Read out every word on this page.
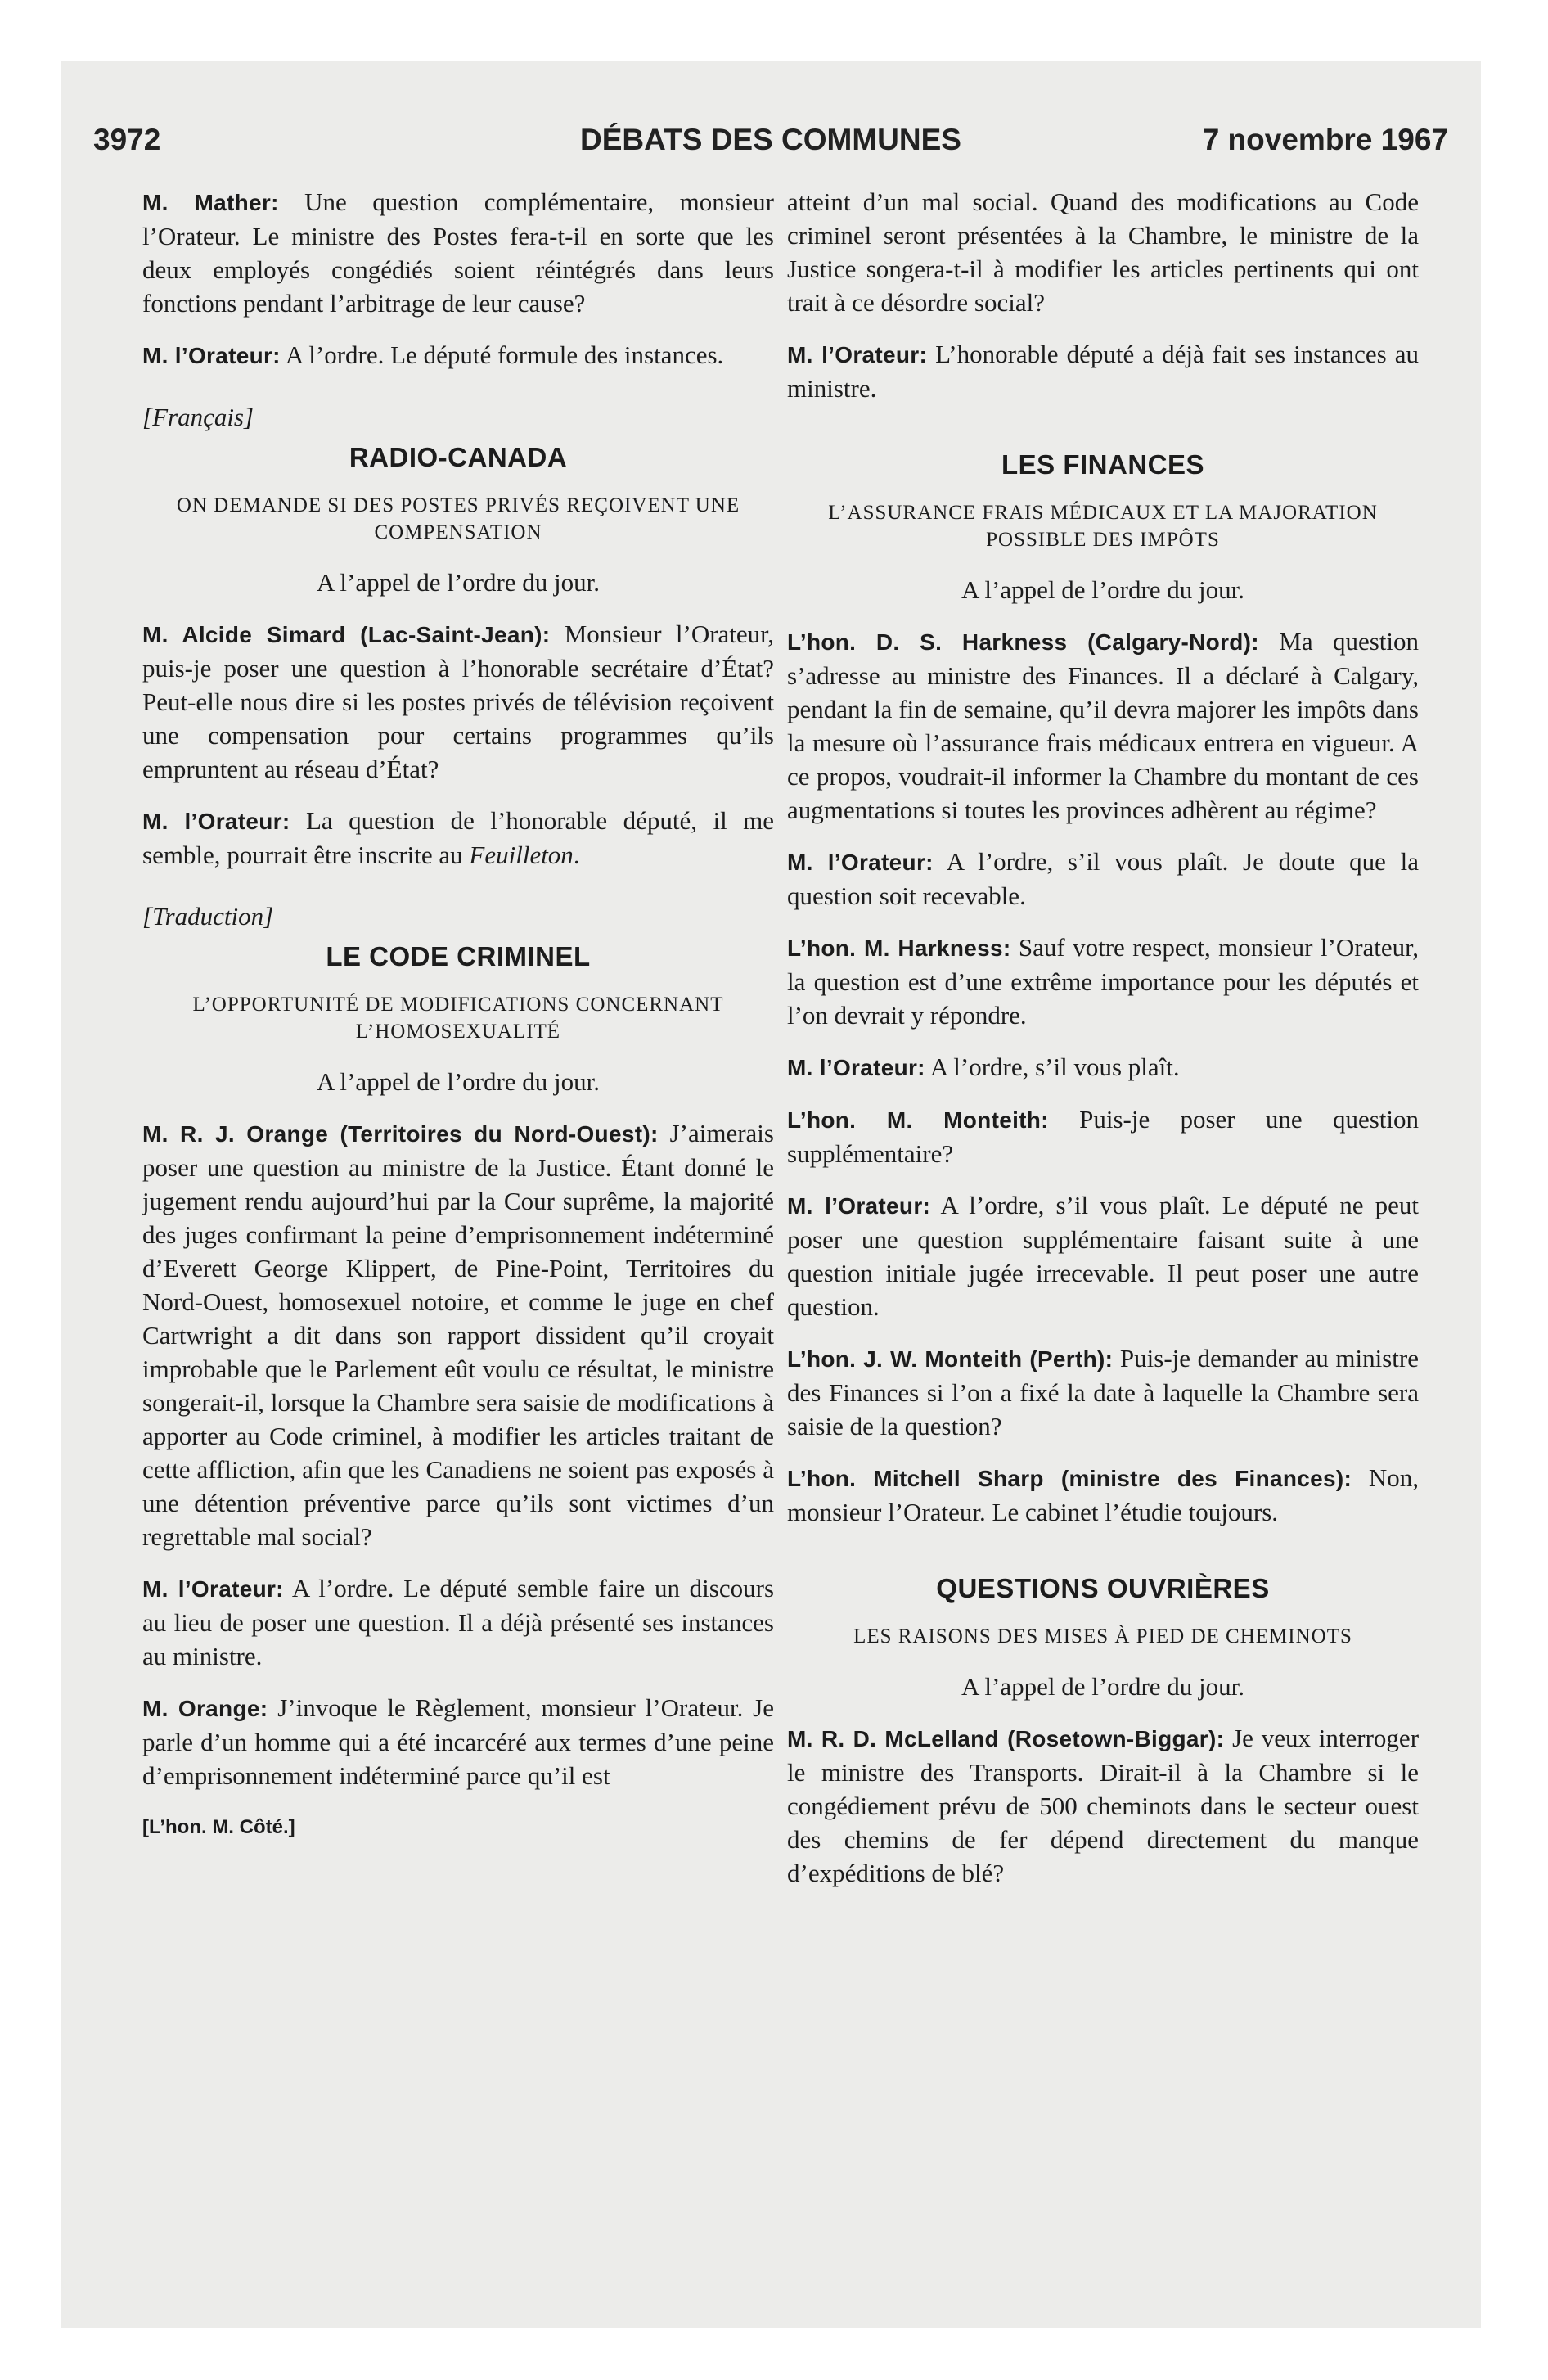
3972	DÉBATS DES COMMUNES	7 novembre 1967

M. Mather: Une question complémentaire, monsieur l’Orateur. Le ministre des Postes fera-t-il en sorte que les deux employés congédiés soient réintégrés dans leurs fonctions pendant l’arbitrage de leur cause?

M. l’Orateur: A l’ordre. Le député formule des instances.

[Français]
RADIO-CANADA
ON DEMANDE SI DES POSTES PRIVÉS REÇOIVENT UNE COMPENSATION

A l’appel de l’ordre du jour.

M. Alcide Simard (Lac-Saint-Jean): Monsieur l’Orateur, puis-je poser une question à l’honorable secrétaire d’État? Peut-elle nous dire si les postes privés de télévision reçoivent une compensation pour certains programmes qu’ils empruntent au réseau d’État?

M. l’Orateur: La question de l’honorable député, il me semble, pourrait être inscrite au Feuilleton.

[Traduction]
LE CODE CRIMINEL
L’OPPORTUNITÉ DE MODIFICATIONS CONCERNANT L’HOMOSEXUALITÉ

A l’appel de l’ordre du jour.

M. R. J. Orange (Territoires du Nord-Ouest): J’aimerais poser une question au ministre de la Justice. Étant donné le jugement rendu aujourd’hui par la Cour suprême, la majorité des juges confirmant la peine d’emprisonnement indéterminé d’Everett George Klippert, de Pine-Point, Territoires du Nord-Ouest, homosexuel notoire, et comme le juge en chef Cartwright a dit dans son rapport dissident qu’il croyait improbable que le Parlement eût voulu ce résultat, le ministre songerait-il, lorsque la Chambre sera saisie de modifications à apporter au Code criminel, à modifier les articles traitant de cette affliction, afin que les Canadiens ne soient pas exposés à une détention préventive parce qu’ils sont victimes d’un regrettable mal social?

M. l’Orateur: A l’ordre. Le député semble faire un discours au lieu de poser une question. Il a déjà présenté ses instances au ministre.

M. Orange: J’invoque le Règlement, monsieur l’Orateur. Je parle d’un homme qui a été incarcéré aux termes d’une peine d’emprisonnement indéterminé parce qu’il est

[L’hon. M. Côté.]

atteint d’un mal social. Quand des modifications au Code criminel seront présentées à la Chambre, le ministre de la Justice songera-t-il à modifier les articles pertinents qui ont trait à ce désordre social?

M. l’Orateur: L’honorable député a déjà fait ses instances au ministre.

LES FINANCES
L’ASSURANCE FRAIS MÉDICAUX ET LA MAJORATION POSSIBLE DES IMPÔTS

A l’appel de l’ordre du jour.

L’hon. D. S. Harkness (Calgary-Nord): Ma question s’adresse au ministre des Finances. Il a déclaré à Calgary, pendant la fin de semaine, qu’il devra majorer les impôts dans la mesure où l’assurance frais médicaux entrera en vigueur. A ce propos, voudrait-il informer la Chambre du montant de ces augmentations si toutes les provinces adhèrent au régime?

M. l’Orateur: A l’ordre, s’il vous plaît. Je doute que la question soit recevable.

L’hon. M. Harkness: Sauf votre respect, monsieur l’Orateur, la question est d’une extrême importance pour les députés et l’on devrait y répondre.

M. l’Orateur: A l’ordre, s’il vous plaît.

L’hon. M. Monteith: Puis-je poser une question supplémentaire?

M. l’Orateur: A l’ordre, s’il vous plaît. Le député ne peut poser une question supplémentaire faisant suite à une question initiale jugée irrecevable. Il peut poser une autre question.

L’hon. J. W. Monteith (Perth): Puis-je demander au ministre des Finances si l’on a fixé la date à laquelle la Chambre sera saisie de la question?

L’hon. Mitchell Sharp (ministre des Finances): Non, monsieur l’Orateur. Le cabinet l’étudie toujours.

QUESTIONS OUVRIÈRES
LES RAISONS DES MISES À PIED DE CHEMINOTS

A l’appel de l’ordre du jour.

M. R. D. McLelland (Rosetown-Biggar): Je veux interroger le ministre des Transports. Dirait-il à la Chambre si le congédiement prévu de 500 cheminots dans le secteur ouest des chemins de fer dépend directement du manque d’expéditions de blé?
